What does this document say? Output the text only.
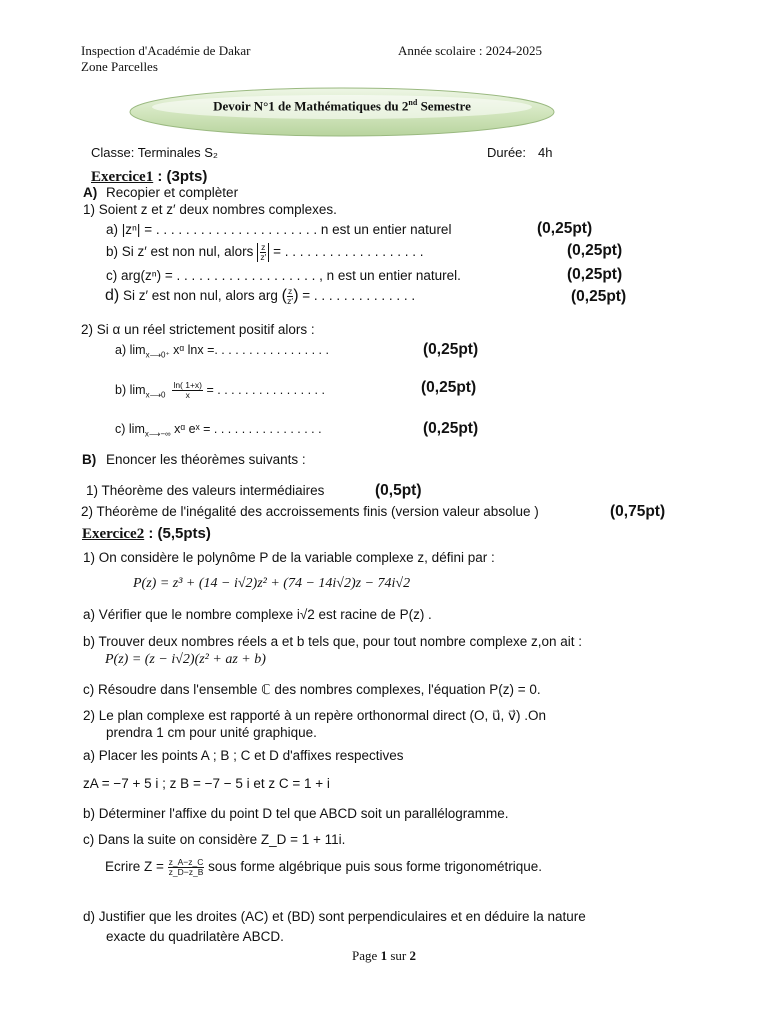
Inspection d'Académie de Dakar
Zone Parcelles
Année scolaire : 2024-2025
Devoir N°1 de Mathématiques du 2nd Semestre
Classe: Terminales S₂	Durée: 4h
Exercice1 : (3pts)
A) Recopier et complèter
1) Soient z et z′ deux nombres complexes.
a) |zⁿ| = . . . . . . . . . . . . . . . . . . . . . . n est un entier naturel	(0,25pt)
b) Si z′ est non nul, alors $\frac{z}{z'}$ = . . . . . . . . . . . . . . . . . . .	(0,25pt)
c) arg(zⁿ) = . . . . . . . . . . . . . . . . . . . , n est un entier naturel.	(0,25pt)
d) Si z′ est non nul, alors arg ( $\frac{z}{z'}$ ) = . . . . . . . . . . . . . .	(0,25pt)
2) Si α un réel strictement positif alors :
a) $\lim_{x⟶0^+}$ xᵅ lnx =. . . . . . . . . . . . . . . . .	(0,25pt)
b) $\lim_{x⟶0} \frac{\ln( 1+x)}{x}$ = . . . . . . . . . . . . . . . .	(0,25pt)
c) $\lim_{x⟶-\infty}$ xᵅ eˣ = . . . . . . . . . . . . . . . .	(0,25pt)
B) Enoncer les théorèmes suivants :
1) Théorème des valeurs intermédiaires	(0,5pt)
2) Théorème de l'inégalité des accroissements finis (version valeur absolue )	(0,75pt)
Exercice2 : (5,5pts)
1) On considère le polynôme P de la variable complexe z, défini par :
P(z) = z³ + (14 − i√2)z² + (74 − 14i√2)z − 74i√2
a) Vérifier que le nombre complexe i√2 est racine de P(z) .
b) Trouver deux nombres réels a et b tels que, pour tout nombre complexe z,on ait :
P(z) = (z − i√2)(z² + az + b)
c) Résoudre dans l'ensemble ℂ des nombres complexes, l'équation P(z) = 0.
2) Le plan complexe est rapporté à un repère orthonormal direct (O, u⃗, v⃗) .On
prendra 1 cm pour unité graphique.
a) Placer les points A ; B ; C et D d'affixes respectives
zA = −7 + 5 i ; z B = −7 − 5 i et z C = 1 + i
b) Déterminer l'affixe du point D tel que ABCD soit un parallélogramme.
c) Dans la suite on considère Z_D = 1 + 11i.
Ecrire $Z = \frac{z\_A-z\_C}{z\_D-z\_B}$ sous forme algébrique puis sous forme trigonométrique.
d) Justifier que les droites (AC) et (BD) sont perpendiculaires et en déduire la nature
exacte du quadrilatère ABCD.
Page 1 sur 2
